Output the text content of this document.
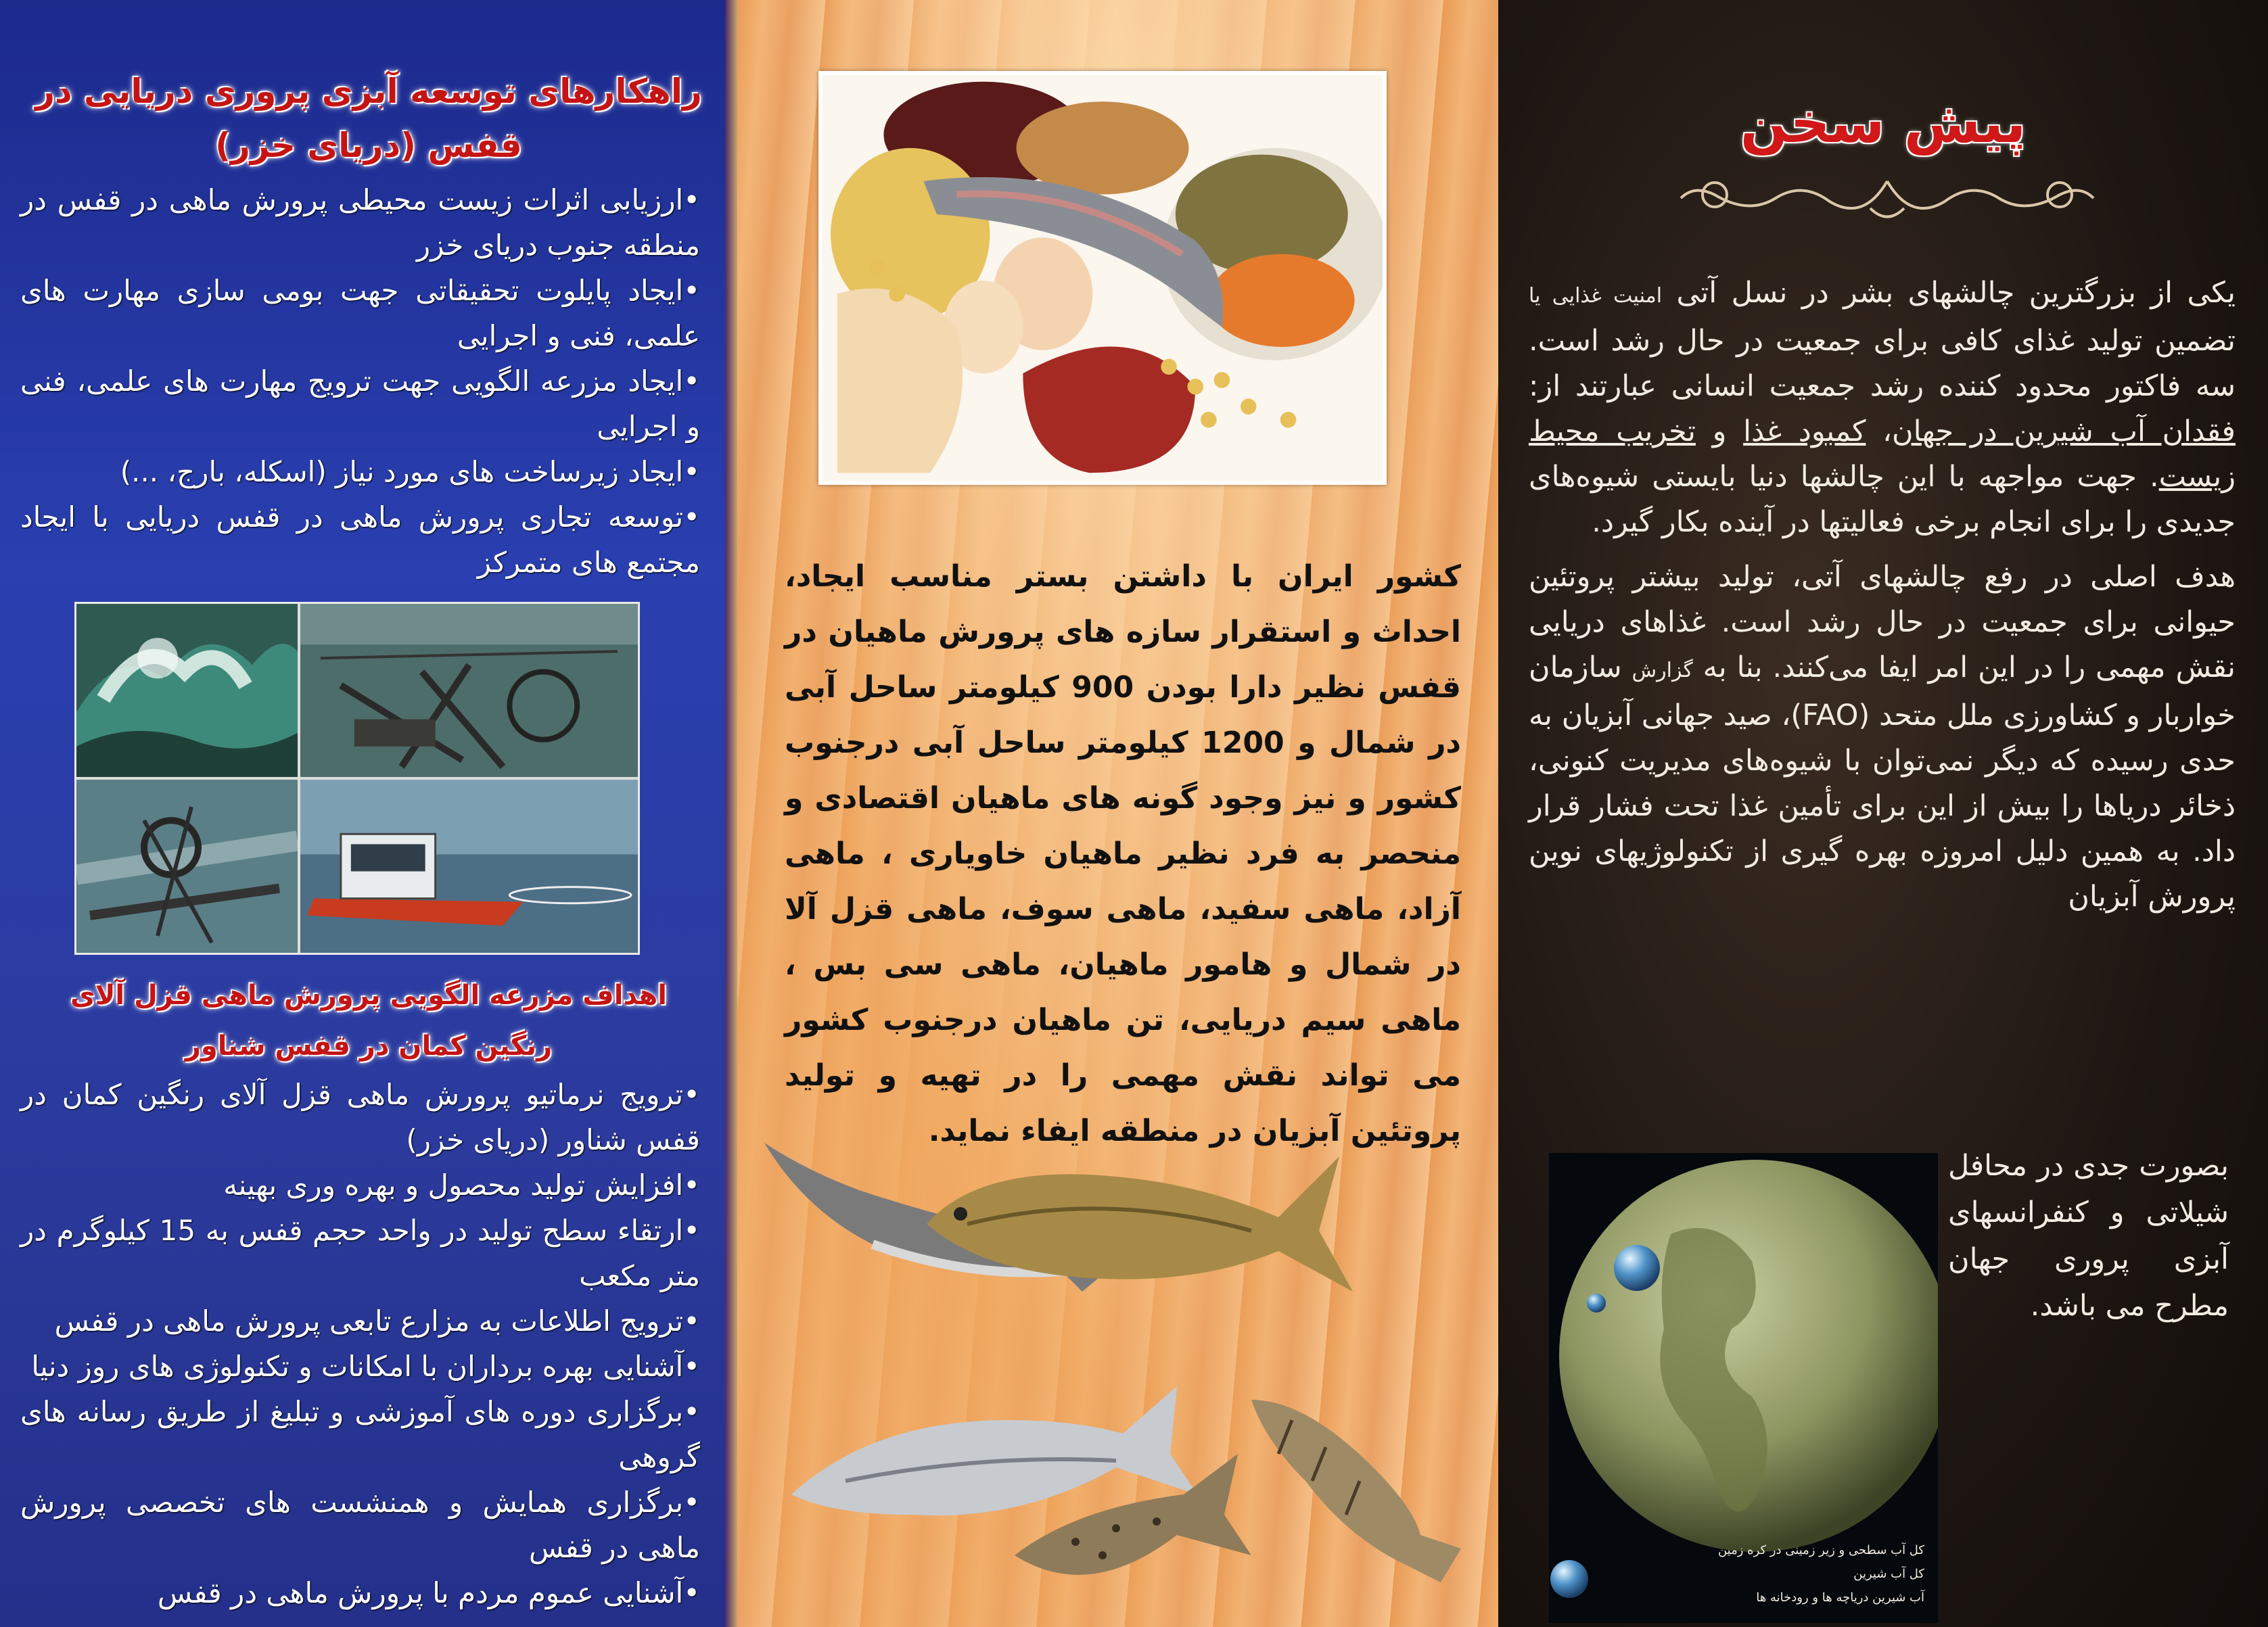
راهکارهای توسعه آبزی پروری دریایی در قفس (دریای خزر)
• ارزیابی اثرات زیست محیطی پرورش ماهی در قفس در منطقه جنوب دریای خزر
• ایجاد پایلوت تحقیقاتی جهت بومی سازی مهارت های علمی، فنی و اجرایی
• ایجاد مزرعه الگویی جهت ترویج مهارت های علمی، فنی و اجرایی
• ایجاد زیرساخت های مورد نیاز (اسکله، بارج، ...)
• توسعه تجاری پرورش ماهی در قفس دریایی با ایجاد مجتمع های متمرکز
اهداف مزرعه الگویی پرورش ماهی قزل آلای رنگین کمان در قفس شناور
• ترویج نرماتیو پرورش ماهی قزل آلای رنگین کمان در قفس شناور (دریای خزر)
• افزایش تولید محصول و بهره وری بهینه
• ارتقاء سطح تولید در واحد حجم قفس به 15 کیلوگرم در متر مکعب
• ترویج اطلاعات به مزارع تابعی پرورش ماهی در قفس
• آشنایی بهره برداران با امکانات و تکنولوژی های روز دنیا
• برگزاری دوره های آموزشی و تبلیغ از طریق رسانه های گروهی
• برگزاری همایش و همنشست های تخصصی پرورش ماهی در قفس
• آشنایی عموم مردم با پرورش ماهی در قفس

کشور ایران با داشتن بستر مناسب ایجاد، احداث و استقرار سازه های پرورش ماهیان در قفس نظیر دارا بودن 900 کیلومتر ساحل آبی در شمال و 1200 کیلومتر ساحل آبی درجنوب کشور و نیز وجود گونه های ماهیان اقتصادی و منحصر به فرد نظیر ماهیان خاویاری ، ماهی آزاد، ماهی سفید، ماهی سوف، ماهی قزل آلا در شمال و هامور ماهیان، ماهی سی بس ، ماهی سیم دریایی، تن ماهیان درجنوب کشور می تواند نقش مهمی را در تهیه و تولید پروتئین آبزیان در منطقه ایفاء نماید.

پیش سخن

یکی از بزرگترین چالشهای بشر در نسل آتی امنیت غذایی یا تضمین تولید غذای کافی برای جمعیت در حال رشد است. سه فاکتور محدود کننده رشد جمعیت انسانی عبارتند از: فقدان آب شیرین در جهان، کمبود غذا و تخریب محیط زیست. جهت مواجهه با این چالشها دنیا بایستی شیوه‌های جدیدی را برای انجام برخی فعالیتها در آینده بکار گیرد.

هدف اصلی در رفع چالشهای آتی، تولید بیشتر پروتئین حیوانی برای جمعیت در حال رشد است. غذاهای دریایی نقش مهمی را در این امر ایفا می‌کنند. بنا به گزارش سازمان خواربار و کشاورزی ملل متحد (FAO)، صید جهانی آبزیان به حدی رسیده که دیگر نمی‌توان با شیوه‌های مدیریت کنونی، ذخائر دریاها را بیش از این برای تأمین غذا تحت فشار قرار داد. به همین دلیل امروزه بهره گیری از تکنولوژیهای نوین پرورش آبزیان

کل آب سطحی و زیر زمینی در کره زمین
کل آب شیرین
آب شیرین دریاچه ها و رودخانه ها

بصورت جدی در محافل شیلاتی و کنفرانسهای آبزی پروری جهان مطرح می باشد.
